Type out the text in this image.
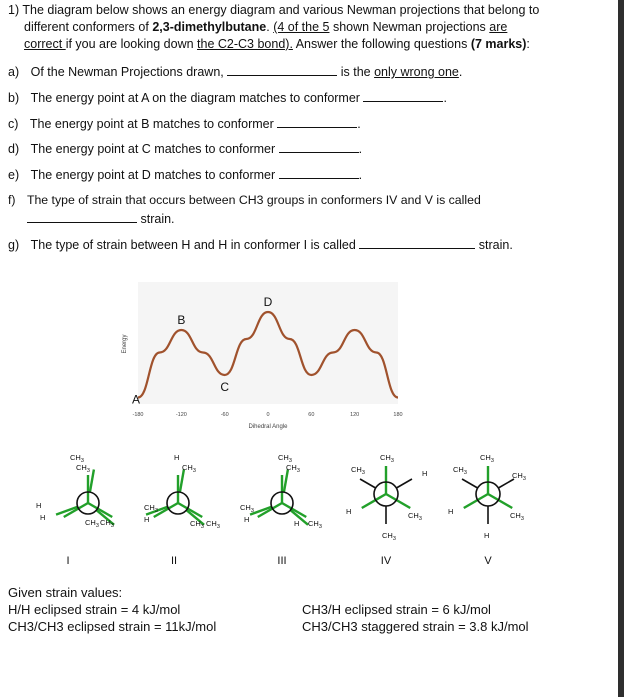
1) The diagram below shows an energy diagram and various Newman projections that belong to
different conformers of 2,3-dimethylbutane. (4 of the 5 shown Newman projections are
correct if you are looking down the C2-C3 bond). Answer the following questions (7 marks):
a) Of the Newman Projections drawn,	is the only wrong one.
b) The energy point at A on the diagram matches to conformer	.
c) The energy point at B matches to conformer	.
d) The energy point at C matches to conformer	.
e) The energy point at D matches to conformer	.
f) The type of strain that occurs between CH3 groups in conformers IV and V is called
strain.
g) The type of strain between H and H in conformer I is called	strain.
-180	-120	-60	0	60	120	180
Dihedral Angle
Energy
A
B
C
D
$CH_3$
$CH_3$
H
H
$CH_3$ $CH_3$
I
H
$CH_3$
$CH_3$
H	$CH_3$ $CH_3$
II
$CH_3$
$CH_3$
$CH_3$
H	H $CH_3$
III
$CH_3$
$CH_3$	H
H	$CH_3$
$CH_3$
IV
$CH_3$
$CH_3$	$CH_3$
H	$CH_3$
H
V
Given strain values:
H/H eclipsed strain = 4 kJ/mol
CH3/CH3 eclipsed strain = 11kJ/mol
CH3/H eclipsed strain = 6 kJ/mol
CH3/CH3 staggered strain = 3.8 kJ/mol
